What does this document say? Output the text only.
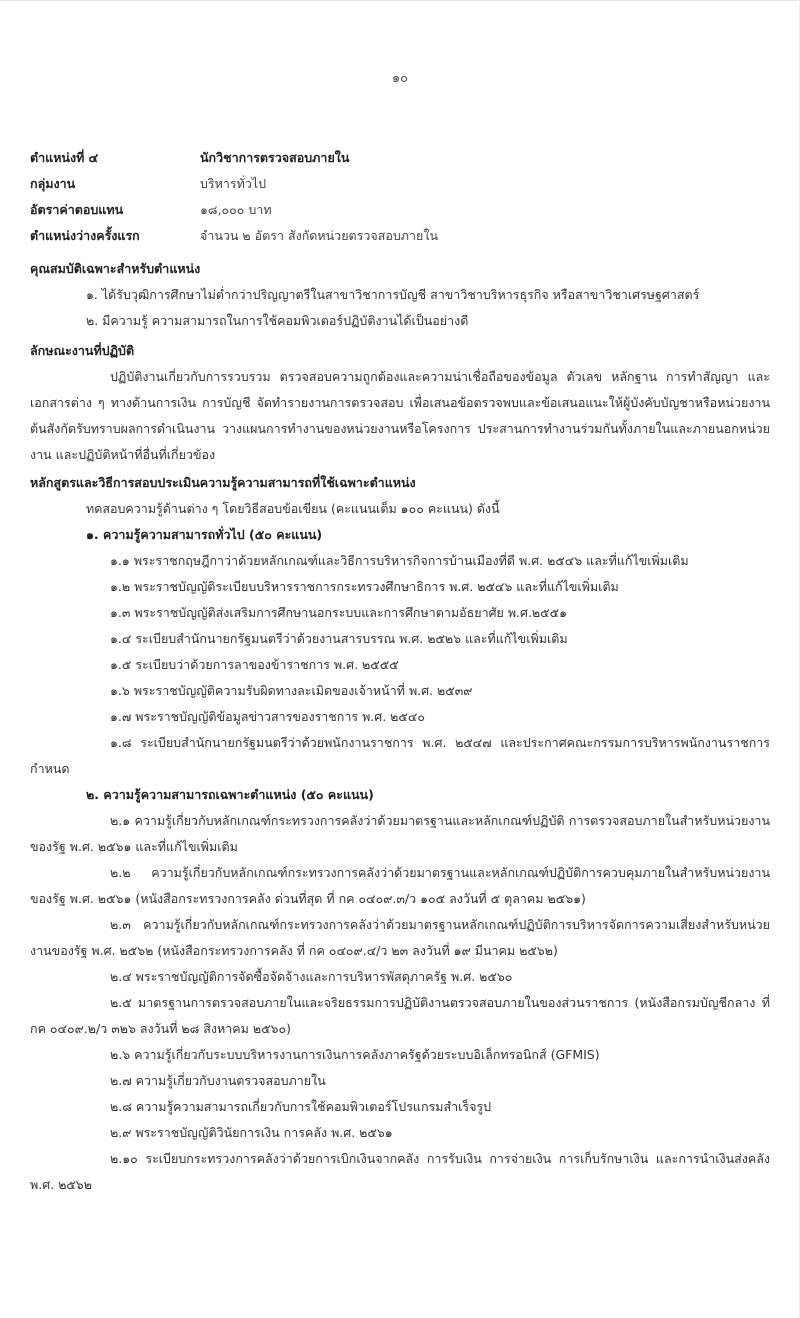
๑๐
ตำแหน่งที่ ๔	นักวิชาการตรวจสอบภายใน
กลุ่มงาน	บริหารทั่วไป
อัตราค่าตอบแทน	๑๘,๐๐๐ บาท
ตำแหน่งว่างครั้งแรก	จำนวน ๒ อัตรา สังกัดหน่วยตรวจสอบภายใน
คุณสมบัติเฉพาะสำหรับตำแหน่ง
๑. ได้รับวุฒิการศึกษาไม่ต่ำกว่าปริญญาตรีในสาขาวิชาการบัญชี สาขาวิชาบริหารธุรกิจ หรือสาขาวิชาเศรษฐศาสตร์
๒. มีความรู้ ความสามารถในการใช้คอมพิวเตอร์ปฏิบัติงานได้เป็นอย่างดี
ลักษณะงานที่ปฏิบัติ
ปฏิบัติงานเกี่ยวกับการรวบรวม ตรวจสอบความถูกต้องและความน่าเชื่อถือของข้อมูล ตัวเลข หลักฐาน การทำสัญญา และเอกสารต่าง ๆ ทางด้านการเงิน การบัญชี จัดทำรายงานการตรวจสอบ เพื่อเสนอข้อตรวจพบและข้อเสนอแนะให้ผู้บังคับบัญชาหรือหน่วยงานต้นสังกัดรับทราบผลการดำเนินงาน วางแผนการทำงานของหน่วยงานหรือโครงการ ประสานการทำงานร่วมกันทั้งภายในและภายนอกหน่วยงาน และปฏิบัติหน้าที่อื่นที่เกี่ยวข้อง
หลักสูตรและวิธีการสอบประเมินความรู้ความสามารถที่ใช้เฉพาะตำแหน่ง
ทดสอบความรู้ด้านต่าง ๆ โดยวิธีสอบข้อเขียน (คะแนนเต็ม ๑๐๐ คะแนน) ดังนี้
๑. ความรู้ความสามารถทั่วไป (๕๐ คะแนน)
๑.๑ พระราชกฤษฎีกาว่าด้วยหลักเกณฑ์และวิธีการบริหารกิจการบ้านเมืองที่ดี พ.ศ. ๒๕๔๖ และที่แก้ไขเพิ่มเติม
๑.๒ พระราชบัญญัติระเบียบบริหารราชการกระทรวงศึกษาธิการ พ.ศ. ๒๕๔๖ และที่แก้ไขเพิ่มเติม
๑.๓ พระราชบัญญัติส่งเสริมการศึกษานอกระบบและการศึกษาตามอัธยาศัย พ.ศ.๒๕๕๑
๑.๔ ระเบียบสำนักนายกรัฐมนตรีว่าด้วยงานสารบรรณ พ.ศ. ๒๕๒๖ และที่แก้ไขเพิ่มเติม
๑.๕ ระเบียบว่าด้วยการลาของข้าราชการ พ.ศ. ๒๕๕๕
๑.๖ พระราชบัญญัติความรับผิดทางละเมิดของเจ้าหน้าที่ พ.ศ. ๒๕๓๙
๑.๗ พระราชบัญญัติข้อมูลข่าวสารของราชการ พ.ศ. ๒๕๔๐
๑.๘ ระเบียบสำนักนายกรัฐมนตรีว่าด้วยพนักงานราชการ พ.ศ. ๒๕๔๗ และประกาศคณะกรรมการบริหารพนักงานราชการกำหนด
๒. ความรู้ความสามารถเฉพาะตำแหน่ง (๕๐ คะแนน)
๒.๑ ความรู้เกี่ยวกับหลักเกณฑ์กระทรวงการคลังว่าด้วยมาตรฐานและหลักเกณฑ์ปฏิบัติ การตรวจสอบภายในสำหรับหน่วยงานของรัฐ พ.ศ. ๒๕๖๑ และที่แก้ไขเพิ่มเติม
๒.๒ ความรู้เกี่ยวกับหลักเกณฑ์กระทรวงการคลังว่าด้วยมาตรฐานและหลักเกณฑ์ปฏิบัติการควบคุมภายในสำหรับหน่วยงานของรัฐ พ.ศ. ๒๕๖๑ (หนังสือกระทรวงการคลัง ด่วนที่สุด ที่ กค ๐๔๐๙.๓/ว ๑๐๕ ลงวันที่ ๕ ตุลาคม ๒๕๖๑)
๒.๓ ความรู้เกี่ยวกับหลักเกณฑ์กระทรวงการคลังว่าด้วยมาตรฐานหลักเกณฑ์ปฏิบัติการบริหารจัดการความเสี่ยงสำหรับหน่วยงานของรัฐ พ.ศ. ๒๕๖๒ (หนังสือกระทรวงการคลัง ที่ กค ๐๔๐๙.๔/ว ๒๓ ลงวันที่ ๑๙ มีนาคม ๒๕๖๒)
๒.๔ พระราชบัญญัติการจัดซื้อจัดจ้างและการบริหารพัสดุภาครัฐ พ.ศ. ๒๕๖๐
๒.๕ มาตรฐานการตรวจสอบภายในและจริยธรรมการปฏิบัติงานตรวจสอบภายในของส่วนราชการ (หนังสือกรมบัญชีกลาง ที่ กค ๐๔๐๙.๒/ว ๓๒๖ ลงวันที่ ๒๘ สิงหาคม ๒๕๖๐)
๒.๖ ความรู้เกี่ยวกับระบบบริหารงานการเงินการคลังภาครัฐด้วยระบบอิเล็กทรอนิกส์ (GFMIS)
๒.๗ ความรู้เกี่ยวกับงานตรวจสอบภายใน
๒.๘ ความรู้ความสามารถเกี่ยวกับการใช้คอมพิวเตอร์โปรแกรมสำเร็จรูป
๒.๙ พระราชบัญญัติวินัยการเงิน การคลัง พ.ศ. ๒๕๖๑
๒.๑๐ ระเบียบกระทรวงการคลังว่าด้วยการเบิกเงินจากคลัง การรับเงิน การจ่ายเงิน การเก็บรักษาเงิน และการนำเงินส่งคลัง พ.ศ. ๒๕๖๒
